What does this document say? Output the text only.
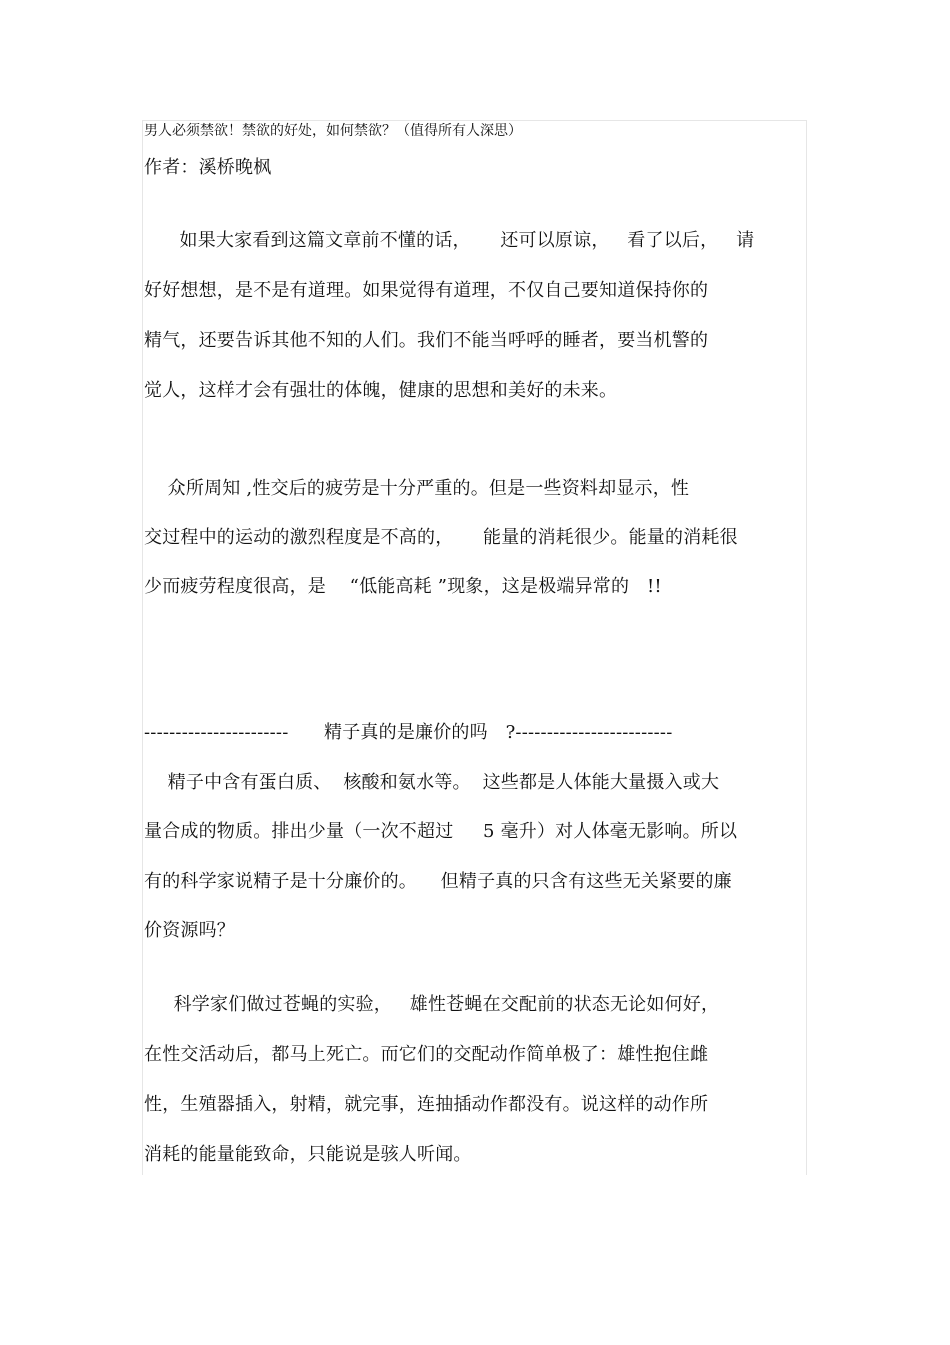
男人必须禁欲！禁欲的好处，如何禁欲？（值得所有人深思）
作者：溪桥晚枫
如果大家看到这篇文章前不懂的话，     还可以原谅，   看了以后，   请
好好想想，是不是有道理。如果觉得有道理，不仅自己要知道保持你的
精气，还要告诉其他不知的人们。我们不能当呼呼的睡者，要当机警的
觉人，这样才会有强壮的体魄，健康的思想和美好的未来。
众所周知 ,性交后的疲劳是十分严重的。但是一些资料却显示，性
交过程中的运动的激烈程度是不高的，     能量的消耗很少。能量的消耗很
少而疲劳程度很高，是    “低能高耗 ”现象，这是极端异常的   !!
-----------------------      精子真的是廉价的吗   ?-------------------------
精子中含有蛋白质、  核酸和氨水等。  这些都是人体能大量摄入或大
量合成的物质。排出少量（一次不超过     5 毫升）对人体毫无影响。所以
有的科学家说精子是十分廉价的。    但精子真的只含有这些无关紧要的廉
价资源吗？
科学家们做过苍蝇的实验，   雄性苍蝇在交配前的状态无论如何好，
在性交活动后，都马上死亡。而它们的交配动作简单极了：雄性抱住雌
性，生殖器插入，射精，就完事，连抽插动作都没有。说这样的动作所
消耗的能量能致命，只能说是骇人听闻。
